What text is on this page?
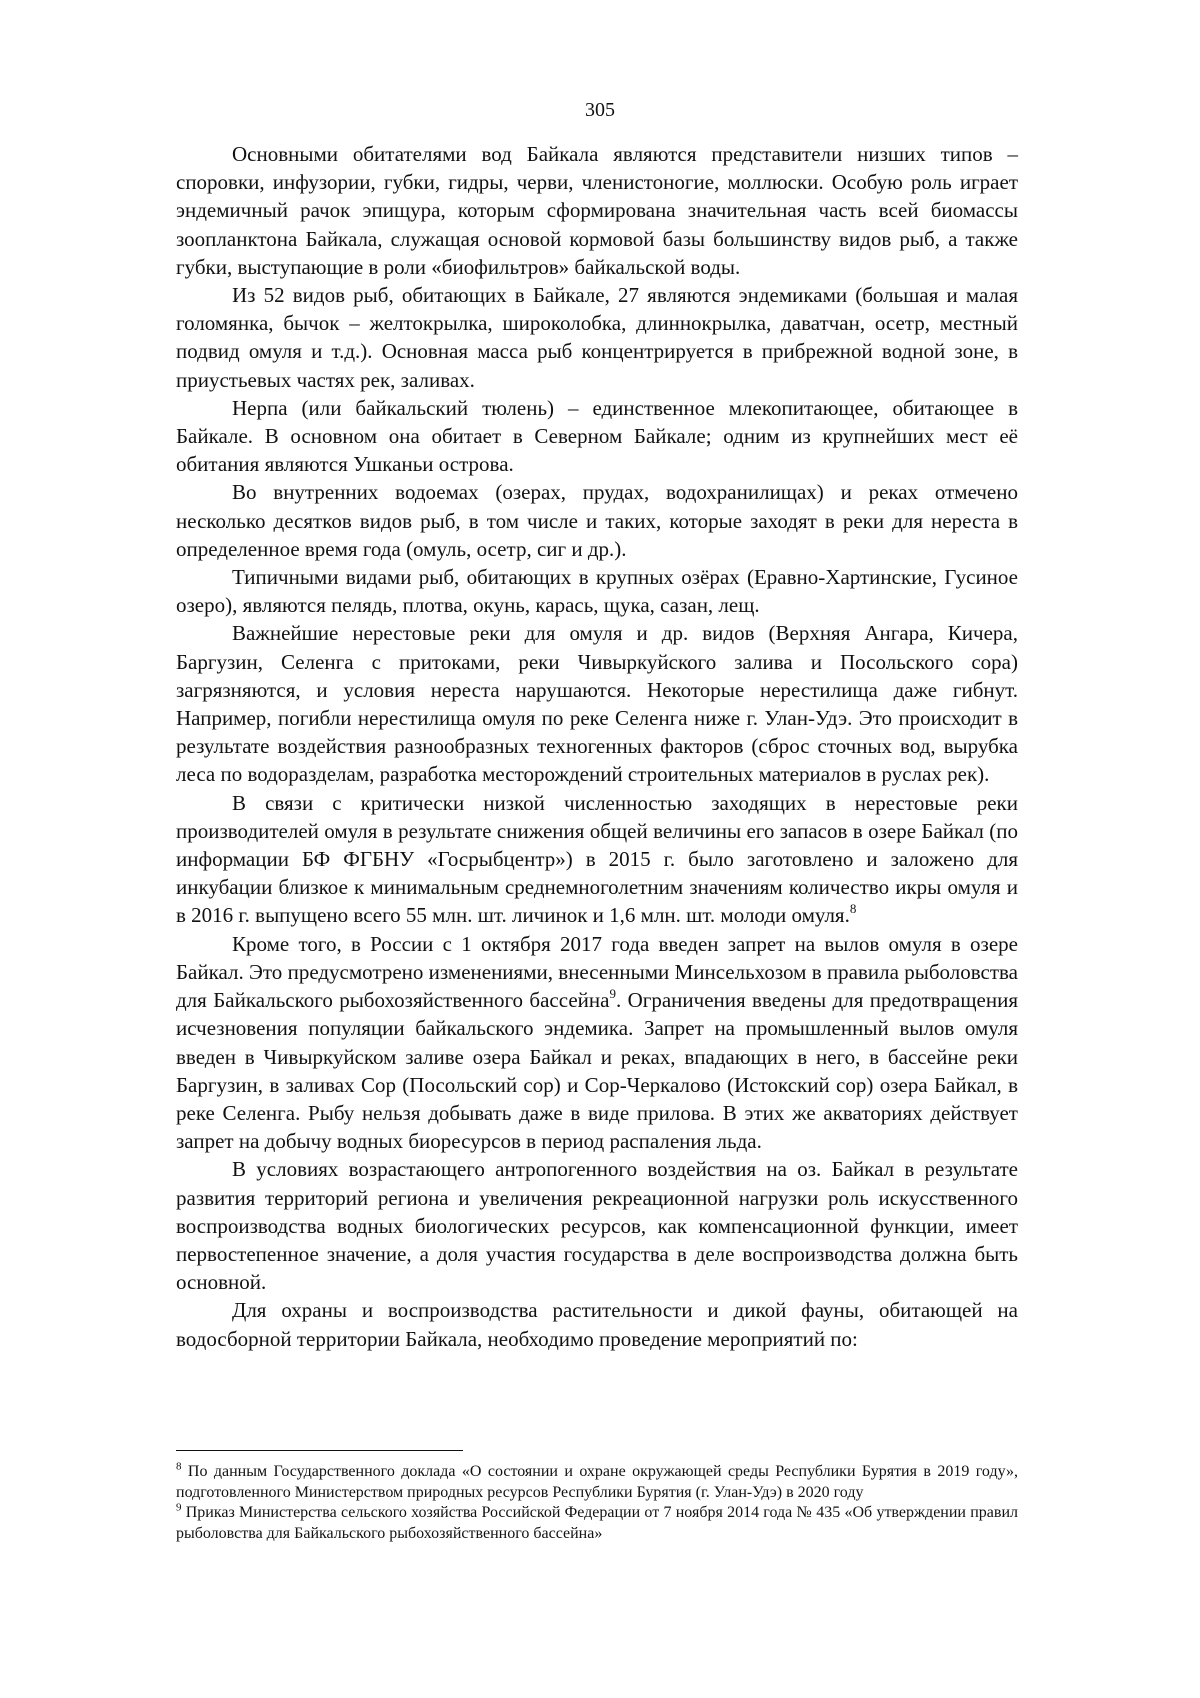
305

Основными обитателями вод Байкала являются представители низших типов – споровки, инфузории, губки, гидры, черви, членистоногие, моллюски. Особую роль играет эндемичный рачок эпищура, которым сформирована значительная часть всей биомассы зоопланктона Байкала, служащая основой кормовой базы большинству видов рыб, а также губки, выступающие в роли «биофильтров» байкальской воды.

Из 52 видов рыб, обитающих в Байкале, 27 являются эндемиками (большая и малая голомянка, бычок – желтокрылка, широколобка, длиннокрылка, даватчан, осетр, местный подвид омуля и т.д.). Основная масса рыб концентрируется в прибрежной водной зоне, в приустьевых частях рек, заливах.

Нерпа (или байкальский тюлень) – единственное млекопитающее, обитающее в Байкале. В основном она обитает в Северном Байкале; одним из крупнейших мест её обитания являются Ушканьи острова.

Во внутренних водоемах (озерах, прудах, водохранилищах) и реках отмечено несколько десятков видов рыб, в том числе и таких, которые заходят в реки для нереста в определенное время года (омуль, осетр, сиг и др.).

Типичными видами рыб, обитающих в крупных озёрах (Еравно-Хартинские, Гусиное озеро), являются пелядь, плотва, окунь, карась, щука, сазан, лещ.

Важнейшие нерестовые реки для омуля и др. видов (Верхняя Ангара, Кичера, Баргузин, Селенга с притоками, реки Чивыркуйского залива и Посольского сора) загрязняются, и условия нереста нарушаются. Некоторые нерестилища даже гибнут. Например, погибли нерестилища омуля по реке Селенга ниже г. Улан-Удэ. Это происходит в результате воздействия разнообразных техногенных факторов (сброс сточных вод, вырубка леса по водоразделам, разработка месторождений строительных материалов в руслах рек).

В связи с критически низкой численностью заходящих в нерестовые реки производителей омуля в результате снижения общей величины его запасов в озере Байкал (по информации БФ ФГБНУ «Госрыбцентр») в 2015 г. было заготовлено и заложено для инкубации близкое к минимальным среднемноголетним значениям количество икры омуля и в 2016 г. выпущено всего 55 млн. шт. личинок и 1,6 млн. шт. молоди омуля.$^8$

Кроме того, в России с 1 октября 2017 года введен запрет на вылов омуля в озере Байкал. Это предусмотрено изменениями, внесенными Минсельхозом в правила рыболовства для Байкальского рыбохозяйственного бассейна$^9$. Ограничения введены для предотвращения исчезновения популяции байкальского эндемика. Запрет на промышленный вылов омуля введен в Чивыркуйском заливе озера Байкал и реках, впадающих в него, в бассейне реки Баргузин, в заливах Сор (Посольский сор) и Сор-Черкалово (Истокский сор) озера Байкал, в реке Селенга. Рыбу нельзя добывать даже в виде прилова. В этих же акваториях действует запрет на добычу водных биоресурсов в период распаления льда.

В условиях возрастающего антропогенного воздействия на оз. Байкал в результате развития территорий региона и увеличения рекреационной нагрузки роль искусственного воспроизводства водных биологических ресурсов, как компенсационной функции, имеет первостепенное значение, а доля участия государства в деле воспроизводства должна быть основной.

Для охраны и воспроизводства растительности и дикой фауны, обитающей на водосборной территории Байкала, необходимо проведение мероприятий по:

$^8$ По данным Государственного доклада «О состоянии и охране окружающей среды Республики Бурятия в 2019 году», подготовленного Министерством природных ресурсов Республики Бурятия (г. Улан-Удэ) в 2020 году

$^9$ Приказ Министерства сельского хозяйства Российской Федерации от 7 ноября 2014 года № 435 «Об утверждении правил рыболовства для Байкальского рыбохозяйственного бассейна»
